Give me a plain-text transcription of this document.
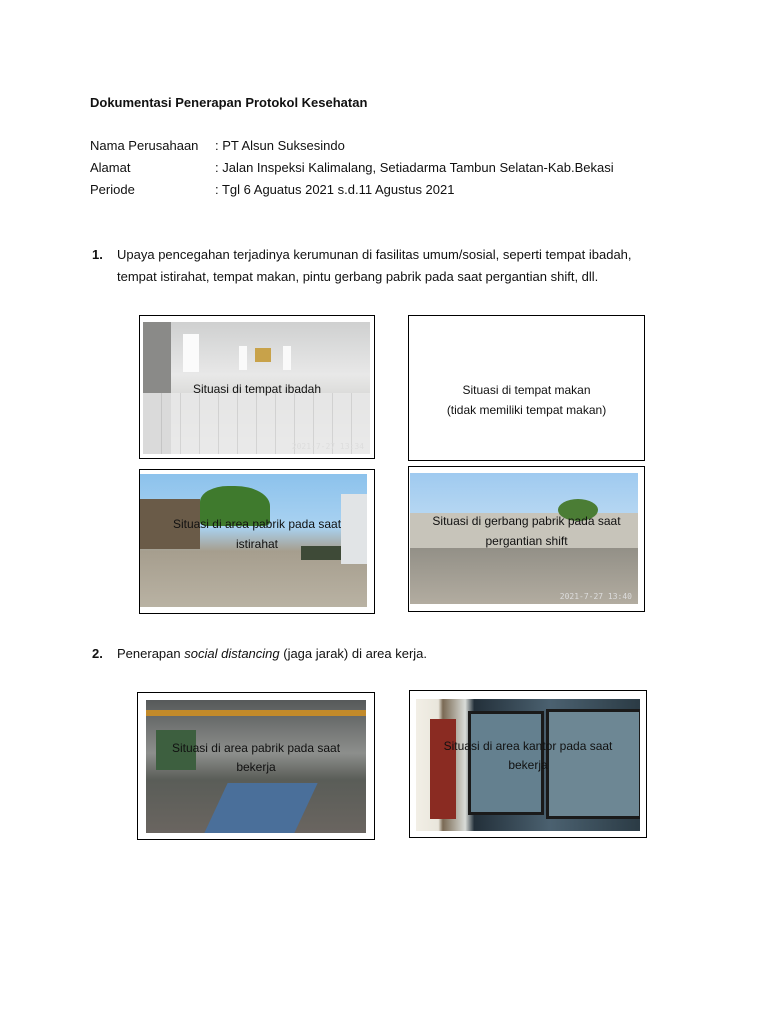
Dokumentasi Penerapan Protokol Kesehatan
Nama Perusahaan : PT Alsun Suksesindo
Alamat	: Jalan Inspeksi Kalimalang, Setiadarma Tambun Selatan-Kab.Bekasi
Periode	: Tgl 6 Aguatus 2021 s.d.11 Agustus 2021
1. Upaya pencegahan terjadinya kerumunan di fasilitas umum/sosial, seperti tempat ibadah,
tempat istirahat, tempat makan, pintu gerbang pabrik pada saat pergantian shift, dll.
2021-7-27 13:34
Situasi di tempat ibadah	Situasi di tempat makan
(tidak memiliki tempat makan)
Situasi di area pabrik pada saat
istirahat
2021-7-27 13:40
Situasi di gerbang pabrik pada saat
pergantian shift
2. Penerapan social distancing (jaga jarak) di area kerja.
Situasi di area pabrik pada saat
bekerja
Situasi di area kantor pada saat
bekerja
